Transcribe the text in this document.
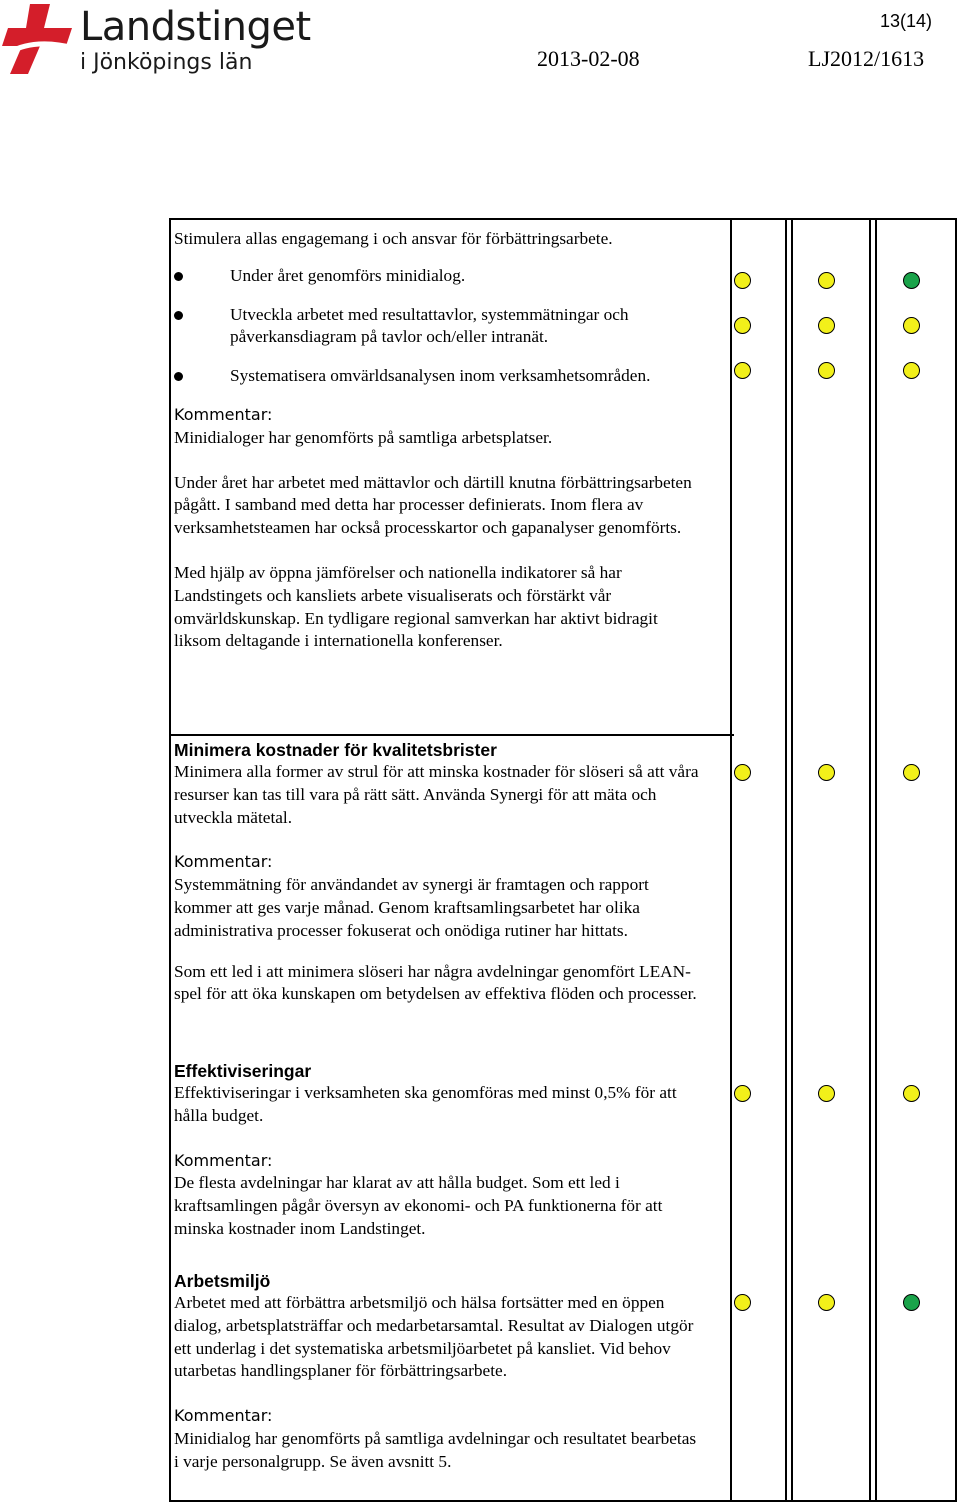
Landstinget
i Jönköpings län
13(14)
2013-02-08	LJ2012/1613

Stimulera allas engagemang i och ansvar för förbättringsarbete.

Under året genomförs minidialog.
Utveckla arbetet med resultattavlor, systemmätningar och påverkansdiagram på tavlor och/eller intranät.
Systematisera omvärldsanalysen inom verksamhetsområden.

Kommentar:

Minidialoger har genomförts på samtliga arbetsplatser.

Under året har arbetet med mättavlor och därtill knutna förbättringsarbeten pågått. I samband med detta har processer definierats. Inom flera av verksamhetsteamen har också processkartor och gapanalyser genomförts.

Med hjälp av öppna jämförelser och nationella indikatorer så har Landstingets och kansliets arbete visualiserats och förstärkt vår omvärldskunskap. En tydligare regional samverkan har aktivt bidragit liksom deltagande i internationella konferenser.

Minimera kostnader för kvalitetsbrister

Minimera alla former av strul för att minska kostnader för slöseri så att våra resurser kan tas till vara på rätt sätt. Använda Synergi för att mäta och utveckla mätetal.

Kommentar:

Systemmätning för användandet av synergi är framtagen och rapport kommer att ges varje månad. Genom kraftsamlingsarbetet har olika administrativa processer fokuserat och onödiga rutiner har hittats.

Som ett led i att minimera slöseri har några avdelningar genomfört LEAN-spel för att öka kunskapen om betydelsen av effektiva flöden och processer.

Effektiviseringar

Effektiviseringar i verksamheten ska genomföras med minst 0,5% för att hålla budget.

Kommentar:

De flesta avdelningar har klarat av att hålla budget. Som ett led i kraftsamlingen pågår översyn av ekonomi- och PA funktionerna för att minska kostnader inom Landstinget.

Arbetsmiljö

Arbetet med att förbättra arbetsmiljö och hälsa fortsätter med en öppen dialog, arbetsplatsträffar och medarbetarsamtal. Resultat av Dialogen utgör ett underlag i det systematiska arbetsmiljöarbetet på kansliet. Vid behov utarbetas handlingsplaner för förbättringsarbete.

Kommentar:

Minidialog har genomförts på samtliga avdelningar och resultatet bearbetas i varje personalgrupp. Se även avsnitt 5.
